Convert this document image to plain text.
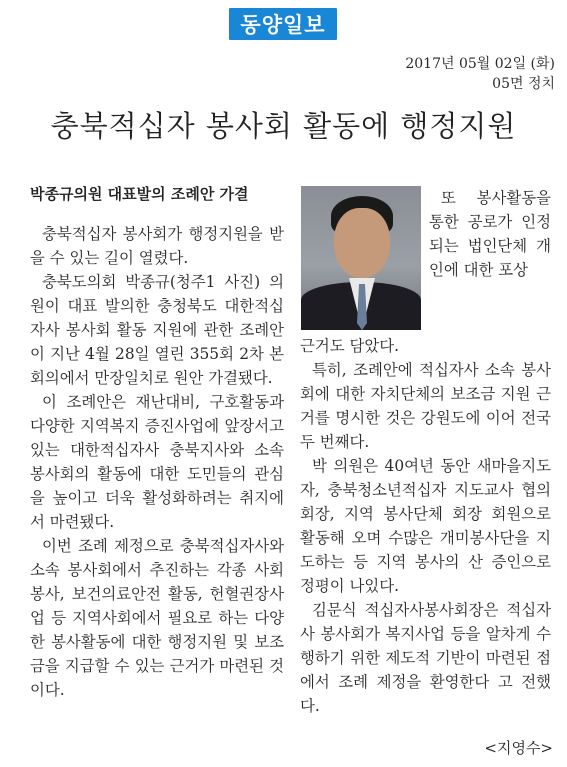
동양일보
2017년 05월 02일 (화)
05면 정치
충북적십자 봉사회 활동에 행정지원
박종규의원 대표발의 조례안 가결

충북적십자 봉사회가 행정지원을 받을 수 있는 길이 열렸다.

충북도의회 박종규(청주1 사진) 의원이 대표 발의한 충청북도 대한적십자사 봉사회 활동 지원에 관한 조례안 이 지난 4월 28일 열린 355회 2차 본회의에서 만장일치로 원안 가결됐다.

이 조례안은 재난대비, 구호활동과 다양한 지역복지 증진사업에 앞장서고 있는 대한적십자사 충북지사와 소속 봉사회의 활동에 대한 도민들의 관심을 높이고 더욱 활성화하려는 취지에서 마련됐다.

이번 조례 제정으로 충북적십자사와 소속 봉사회에서 추진하는 각종 사회봉사, 보건의료안전 활동, 헌혈권장사업 등 지역사회에서 필요로 하는 다양한 봉사활동에 대한 행정지원 및 보조금을 지급할 수 있는 근거가 마련된 것이다.

또 봉사활동을 통한 공로가 인정되는 법인단체 개인에 대한 포상

근거도 담았다.

특히, 조례안에 적십자사 소속 봉사회에 대한 자치단체의 보조금 지원 근거를 명시한 것은 강원도에 이어 전국 두 번째다.

박 의원은 40여년 동안 새마을지도자, 충북청소년적십자 지도교사 협의회장, 지역 봉사단체 회장 회원으로 활동해 오며 수많은 개미봉사단을 지도하는 등 지역 봉사의 산 증인으로 정평이 나있다.

김문식 적십자사봉사회장은 적십자사 봉사회가 복지사업 등을 알차게 수행하기 위한 제도적 기반이 마련된 점에서 조례 제정을 환영한다 고 전했다.

<지영수>
